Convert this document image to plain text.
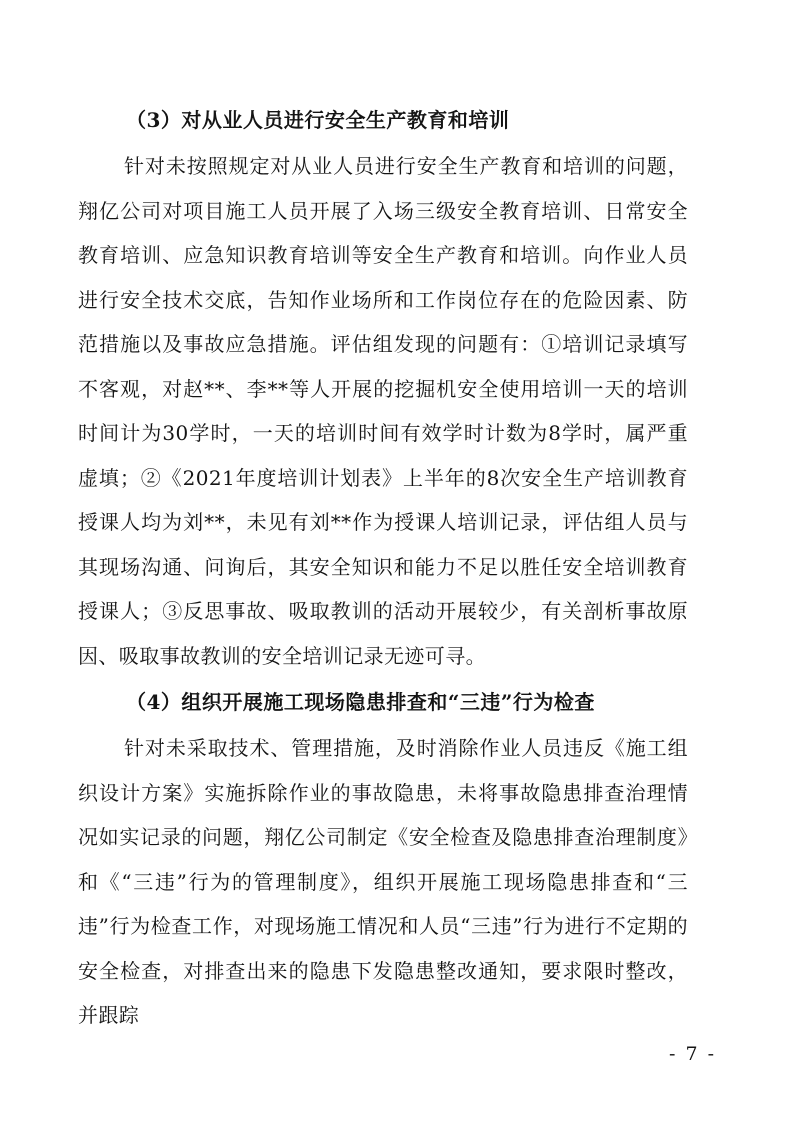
（3）对从业人员进行安全生产教育和培训

针对未按照规定对从业人员进行安全生产教育和培训的问题，翔亿公司对项目施工人员开展了入场三级安全教育培训、日常安全教育培训、应急知识教育培训等安全生产教育和培训。向作业人员进行安全技术交底，告知作业场所和工作岗位存在的危险因素、防范措施以及事故应急措施。评估组发现的问题有：①培训记录填写不客观，对赵**、李**等人开展的挖掘机安全使用培训一天的培训时间计为30学时，一天的培训时间有效学时计数为8学时，属严重虚填；②《2021年度培训计划表》上半年的8次安全生产培训教育授课人均为刘**，未见有刘**作为授课人培训记录，评估组人员与其现场沟通、问询后，其安全知识和能力不足以胜任安全培训教育授课人；③反思事故、吸取教训的活动开展较少，有关剖析事故原因、吸取事故教训的安全培训记录无迹可寻。

（4）组织开展施工现场隐患排查和“三违”行为检查

针对未采取技术、管理措施，及时消除作业人员违反《施工组织设计方案》实施拆除作业的事故隐患，未将事故隐患排查治理情况如实记录的问题，翔亿公司制定《安全检查及隐患排查治理制度》和《“三违”行为的管理制度》，组织开展施工现场隐患排查和“三违”行为检查工作，对现场施工情况和人员“三违”行为进行不定期的安全检查，对排查出来的隐患下发隐患整改通知，要求限时整改，并跟踪

- 7 -
